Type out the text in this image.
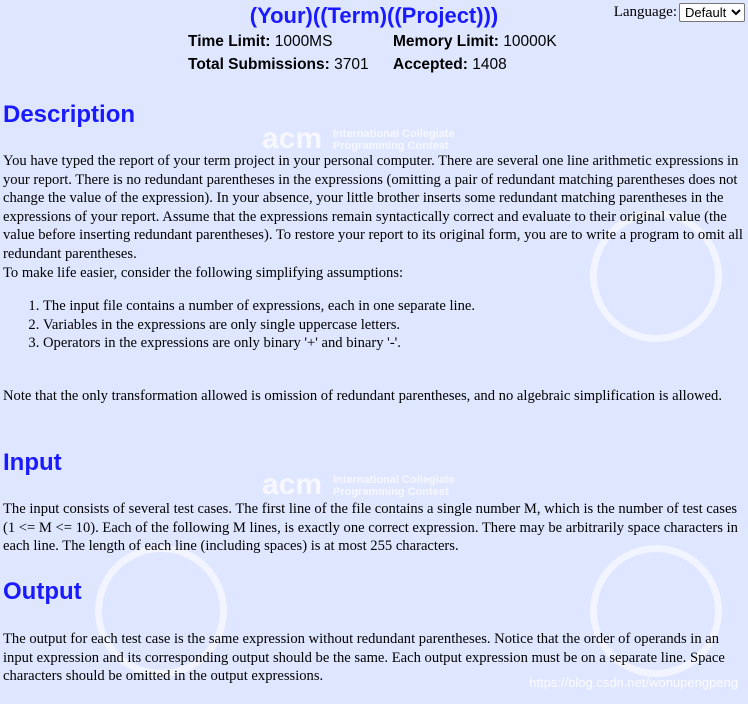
acm International Collegiate
Programming Contest
acm International Collegiate
Programming Contest
(Your)((Term)((Project)))	Language:
Default
Time Limit: 1000MS	Memory Limit: 10000K
Total Submissions: 3701	Accepted: 1408
Description

You have typed the report of your term project in your personal computer. There are several one line arithmetic expressions in your report. There is no redundant parentheses in the expressions (omitting a pair of redundant matching parentheses does not change the value of the expression). In your absence, your little brother inserts some redundant matching parentheses in the expressions of your report. Assume that the expressions remain syntactically correct and evaluate to their original value (the value before inserting redundant parentheses). To restore your report to its original form, you are to write a program to omit all redundant parentheses.
To make life easier, consider the following simplifying assumptions:

1. The input file contains a number of expressions, each in one separate line.
2. Variables in the expressions are only single uppercase letters.
3. Operators in the expressions are only binary '+' and binary '-'.

Note that the only transformation allowed is omission of redundant parentheses, and no algebraic simplification is allowed.

Input

The input consists of several test cases. The first line of the file contains a single number M, which is the number of test cases (1 <= M <= 10). Each of the following M lines, is exactly one correct expression. There may be arbitrarily space characters in each line. The length of each line (including spaces) is at most 255 characters.

Output

The output for each test case is the same expression without redundant parentheses. Notice that the order of operands in an input expression and its corresponding output should be the same. Each output expression must be on a separate line. Space characters should be omitted in the output expressions.	https://blog.csdn.net/wonupengpeng
